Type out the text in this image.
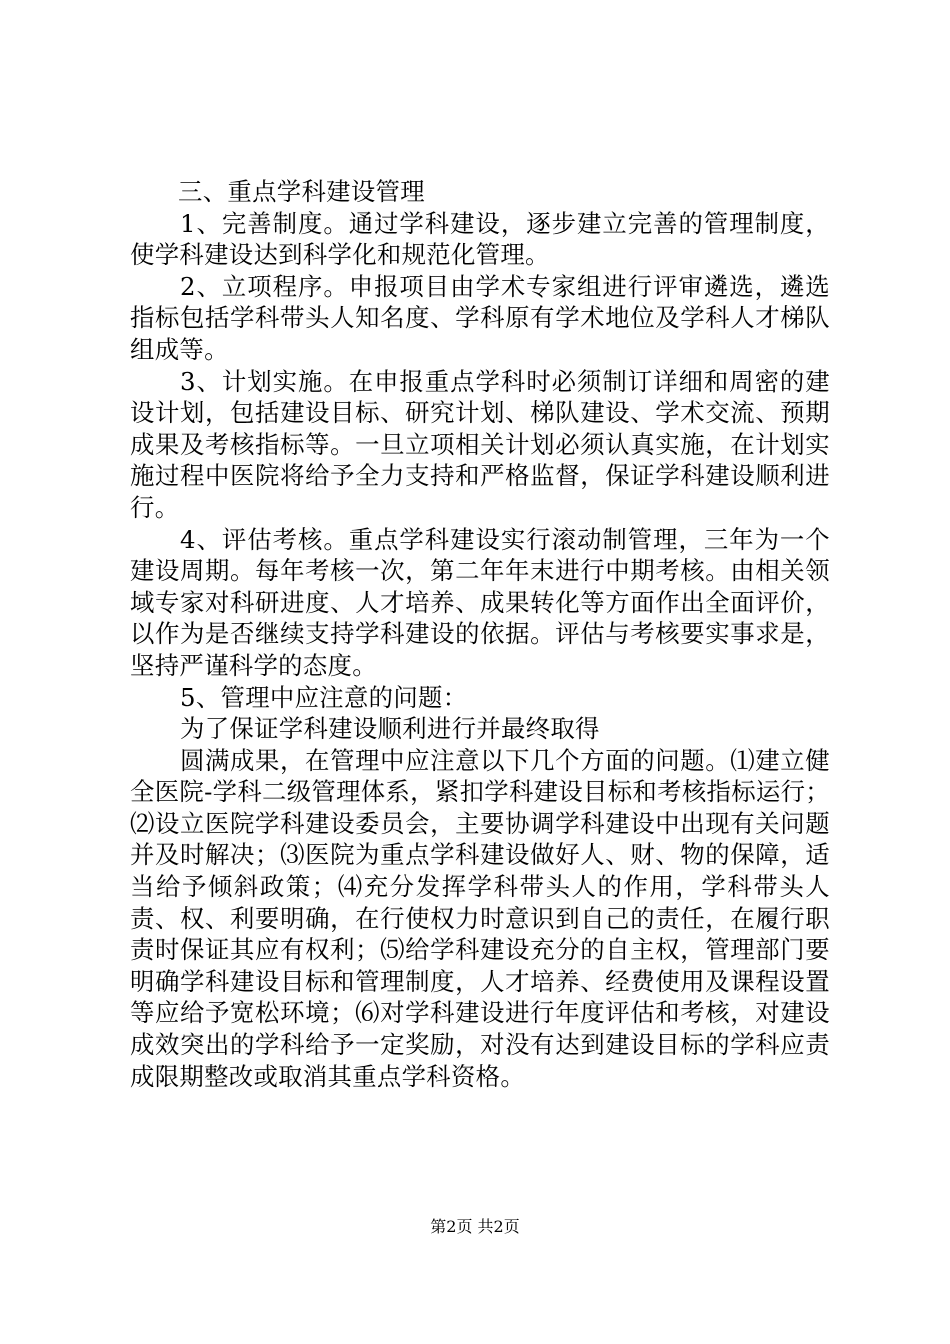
三、重点学科建设管理

1、完善制度。通过学科建设，逐步建立完善的管理制度，使学科建设达到科学化和规范化管理。

2、立项程序。申报项目由学术专家组进行评审遴选，遴选指标包括学科带头人知名度、学科原有学术地位及学科人才梯队组成等。

3、计划实施。在申报重点学科时必须制订详细和周密的建设计划，包括建设目标、研究计划、梯队建设、学术交流、预期成果及考核指标等。一旦立项相关计划必须认真实施，在计划实施过程中医院将给予全力支持和严格监督，保证学科建设顺利进行。

4、评估考核。重点学科建设实行滚动制管理，三年为一个建设周期。每年考核一次，第二年年末进行中期考核。由相关领域专家对科研进度、人才培养、成果转化等方面作出全面评价，以作为是否继续支持学科建设的依据。评估与考核要实事求是，坚持严谨科学的态度。

5、管理中应注意的问题：

为了保证学科建设顺利进行并最终取得

圆满成果，在管理中应注意以下几个方面的问题。⑴建立健全医院-学科二级管理体系，紧扣学科建设目标和考核指标运行；⑵设立医院学科建设委员会，主要协调学科建设中出现有关问题并及时解决；⑶医院为重点学科建设做好人、财、物的保障，适当给予倾斜政策；⑷充分发挥学科带头人的作用，学科带头人责、权、利要明确，在行使权力时意识到自己的责任，在履行职责时保证其应有权利；⑸给学科建设充分的自主权，管理部门要明确学科建设目标和管理制度，人才培养、经费使用及课程设置等应给予宽松环境；⑹对学科建设进行年度评估和考核，对建设成效突出的学科给予一定奖励，对没有达到建设目标的学科应责成限期整改或取消其重点学科资格。

第2页 共2页
